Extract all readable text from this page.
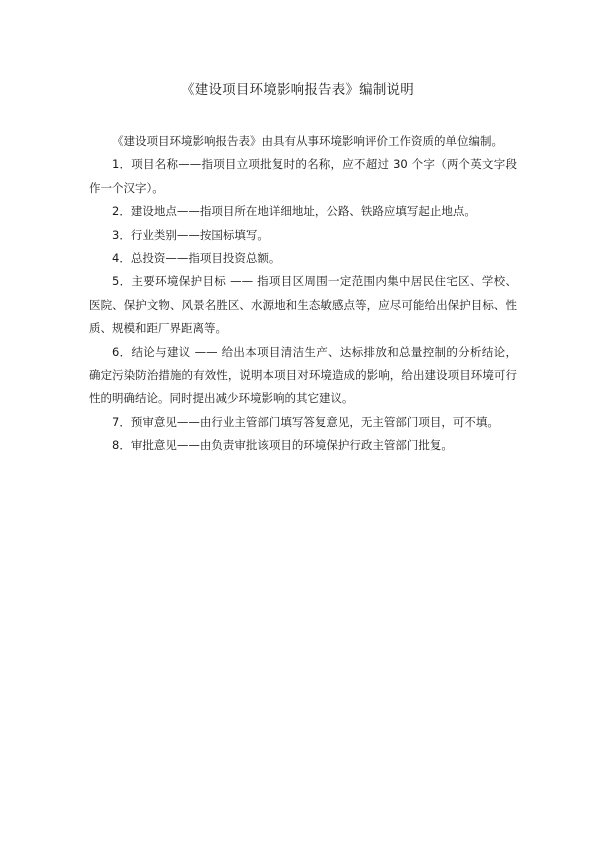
《建设项目环境影响报告表》编制说明

《建设项目环境影响报告表》由具有从事环境影响评价工作资质的单位编制。

1．项目名称——指项目立项批复时的名称，应不超过 30 个字（两个英文字段作一个汉字）。

2．建设地点——指项目所在地详细地址，公路、铁路应填写起止地点。

3．行业类别——按国标填写。

4．总投资——指项目投资总额。

5．主要环境保护目标 —— 指项目区周围一定范围内集中居民住宅区、学校、医院、保护文物、风景名胜区、水源地和生态敏感点等，应尽可能给出保护目标、性质、规模和距厂界距离等。

6．结论与建议 —— 给出本项目清洁生产、达标排放和总量控制的分析结论，确定污染防治措施的有效性，说明本项目对环境造成的影响，给出建设项目环境可行性的明确结论。同时提出减少环境影响的其它建议。

7．预审意见——由行业主管部门填写答复意见，无主管部门项目，可不填。

8．审批意见——由负责审批该项目的环境保护行政主管部门批复。
